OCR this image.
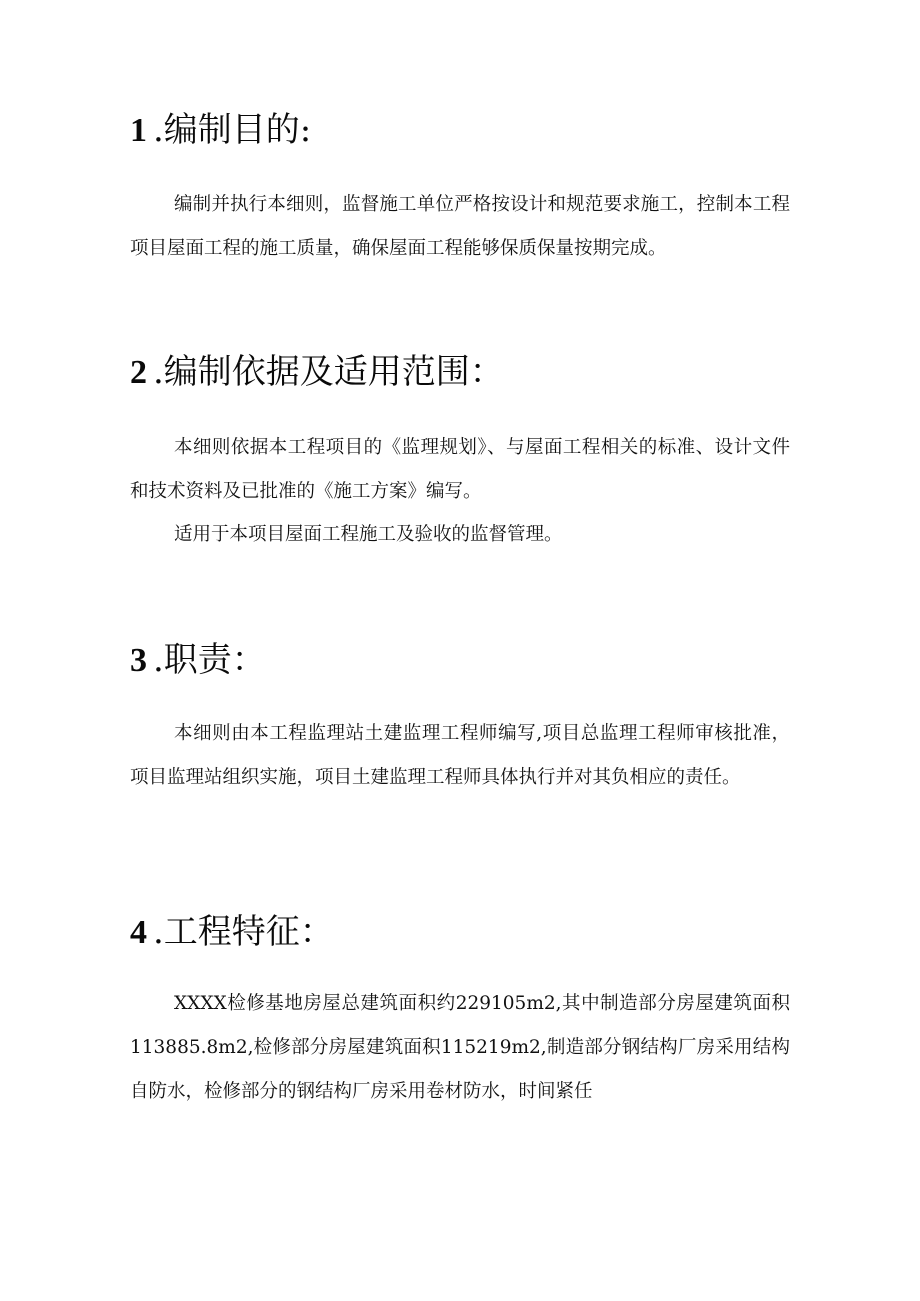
1 .编制目的:

编制并执行本细则，监督施工单位严格按设计和规范要求施工，控制本工程项目屋面工程的施工质量，确保屋面工程能够保质保量按期完成。

2 .编制依据及适用范围：

本细则依据本工程项目的《监理规划》、与屋面工程相关的标准、设计文件和技术资料及已批准的《施工方案》编写。

适用于本项目屋面工程施工及验收的监督管理。

3 .职责：

本细则由本工程监理站土建监理工程师编写,项目总监理工程师审核批准，项目监理站组织实施，项目土建监理工程师具体执行并对其负相应的责任。

4 .工程特征：

XXXX检修基地房屋总建筑面积约229105m2,其中制造部分房屋建筑面积113885.8m2,检修部分房屋建筑面积115219m2,制造部分钢结构厂房采用结构自防水，检修部分的钢结构厂房采用卷材防水，时间紧任
